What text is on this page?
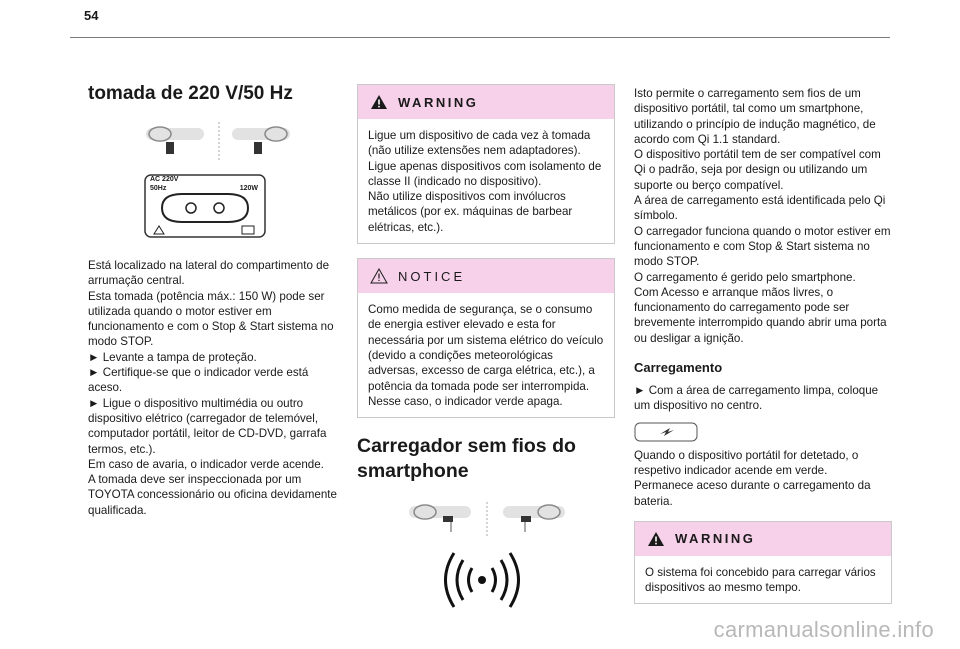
54
tomada de 220 V/50 Hz
AC 220V
50Hz	120W
Está localizado na lateral do compartimento de arrumação central.
Esta tomada (potência máx.: 150 W) pode ser utilizada quando o motor estiver em funcionamento e com o Stop & Start sistema no modo STOP.
► Levante a tampa de proteção.
► Certifique-se que o indicador verde está aceso.
► Ligue o dispositivo multimédia ou outro dispositivo elétrico (carregador de telemóvel, computador portátil, leitor de CD-DVD, garrafa termos, etc.).
Em caso de avaria, o indicador verde acende.
A tomada deve ser inspeccionada por um TOYOTA concessionário ou oficina devidamente qualificada.
WARNING
Ligue um dispositivo de cada vez à tomada (não utilize extensões nem adaptadores).
Ligue apenas dispositivos com isolamento de classe II (indicado no dispositivo).
Não utilize dispositivos com invólucros metálicos (por ex. máquinas de barbear elétricas, etc.).
NOTICE
Como medida de segurança, se o consumo de energia estiver elevado e esta for necessária por um sistema elétrico do veículo (devido a condições meteorológicas adversas, excesso de carga elétrica, etc.), a potência da tomada pode ser interrompida. Nesse caso, o indicador verde apaga.
Carregador sem fios do smartphone
Isto permite o carregamento sem fios de um dispositivo portátil, tal como um smartphone, utilizando o princípio de indução magnético, de acordo com Qi 1.1 standard.
O dispositivo portátil tem de ser compatível com Qi o padrão, seja por design ou utilizando um suporte ou berço compatível.
A área de carregamento está identificada pelo Qi símbolo.
O carregador funciona quando o motor estiver em funcionamento e com Stop & Start sistema no modo STOP.
O carregamento é gerido pelo smartphone.
Com Acesso e arranque mãos livres, o funcionamento do carregamento pode ser brevemente interrompido quando abrir uma porta ou desligar a ignição.
Carregamento
► Com a área de carregamento limpa, coloque um dispositivo no centro.
Quando o dispositivo portátil for detetado, o respetivo indicador acende em verde.
Permanece aceso durante o carregamento da bateria.
WARNING
O sistema foi concebido para carregar vários dispositivos ao mesmo tempo.
carmanualsonline.info
